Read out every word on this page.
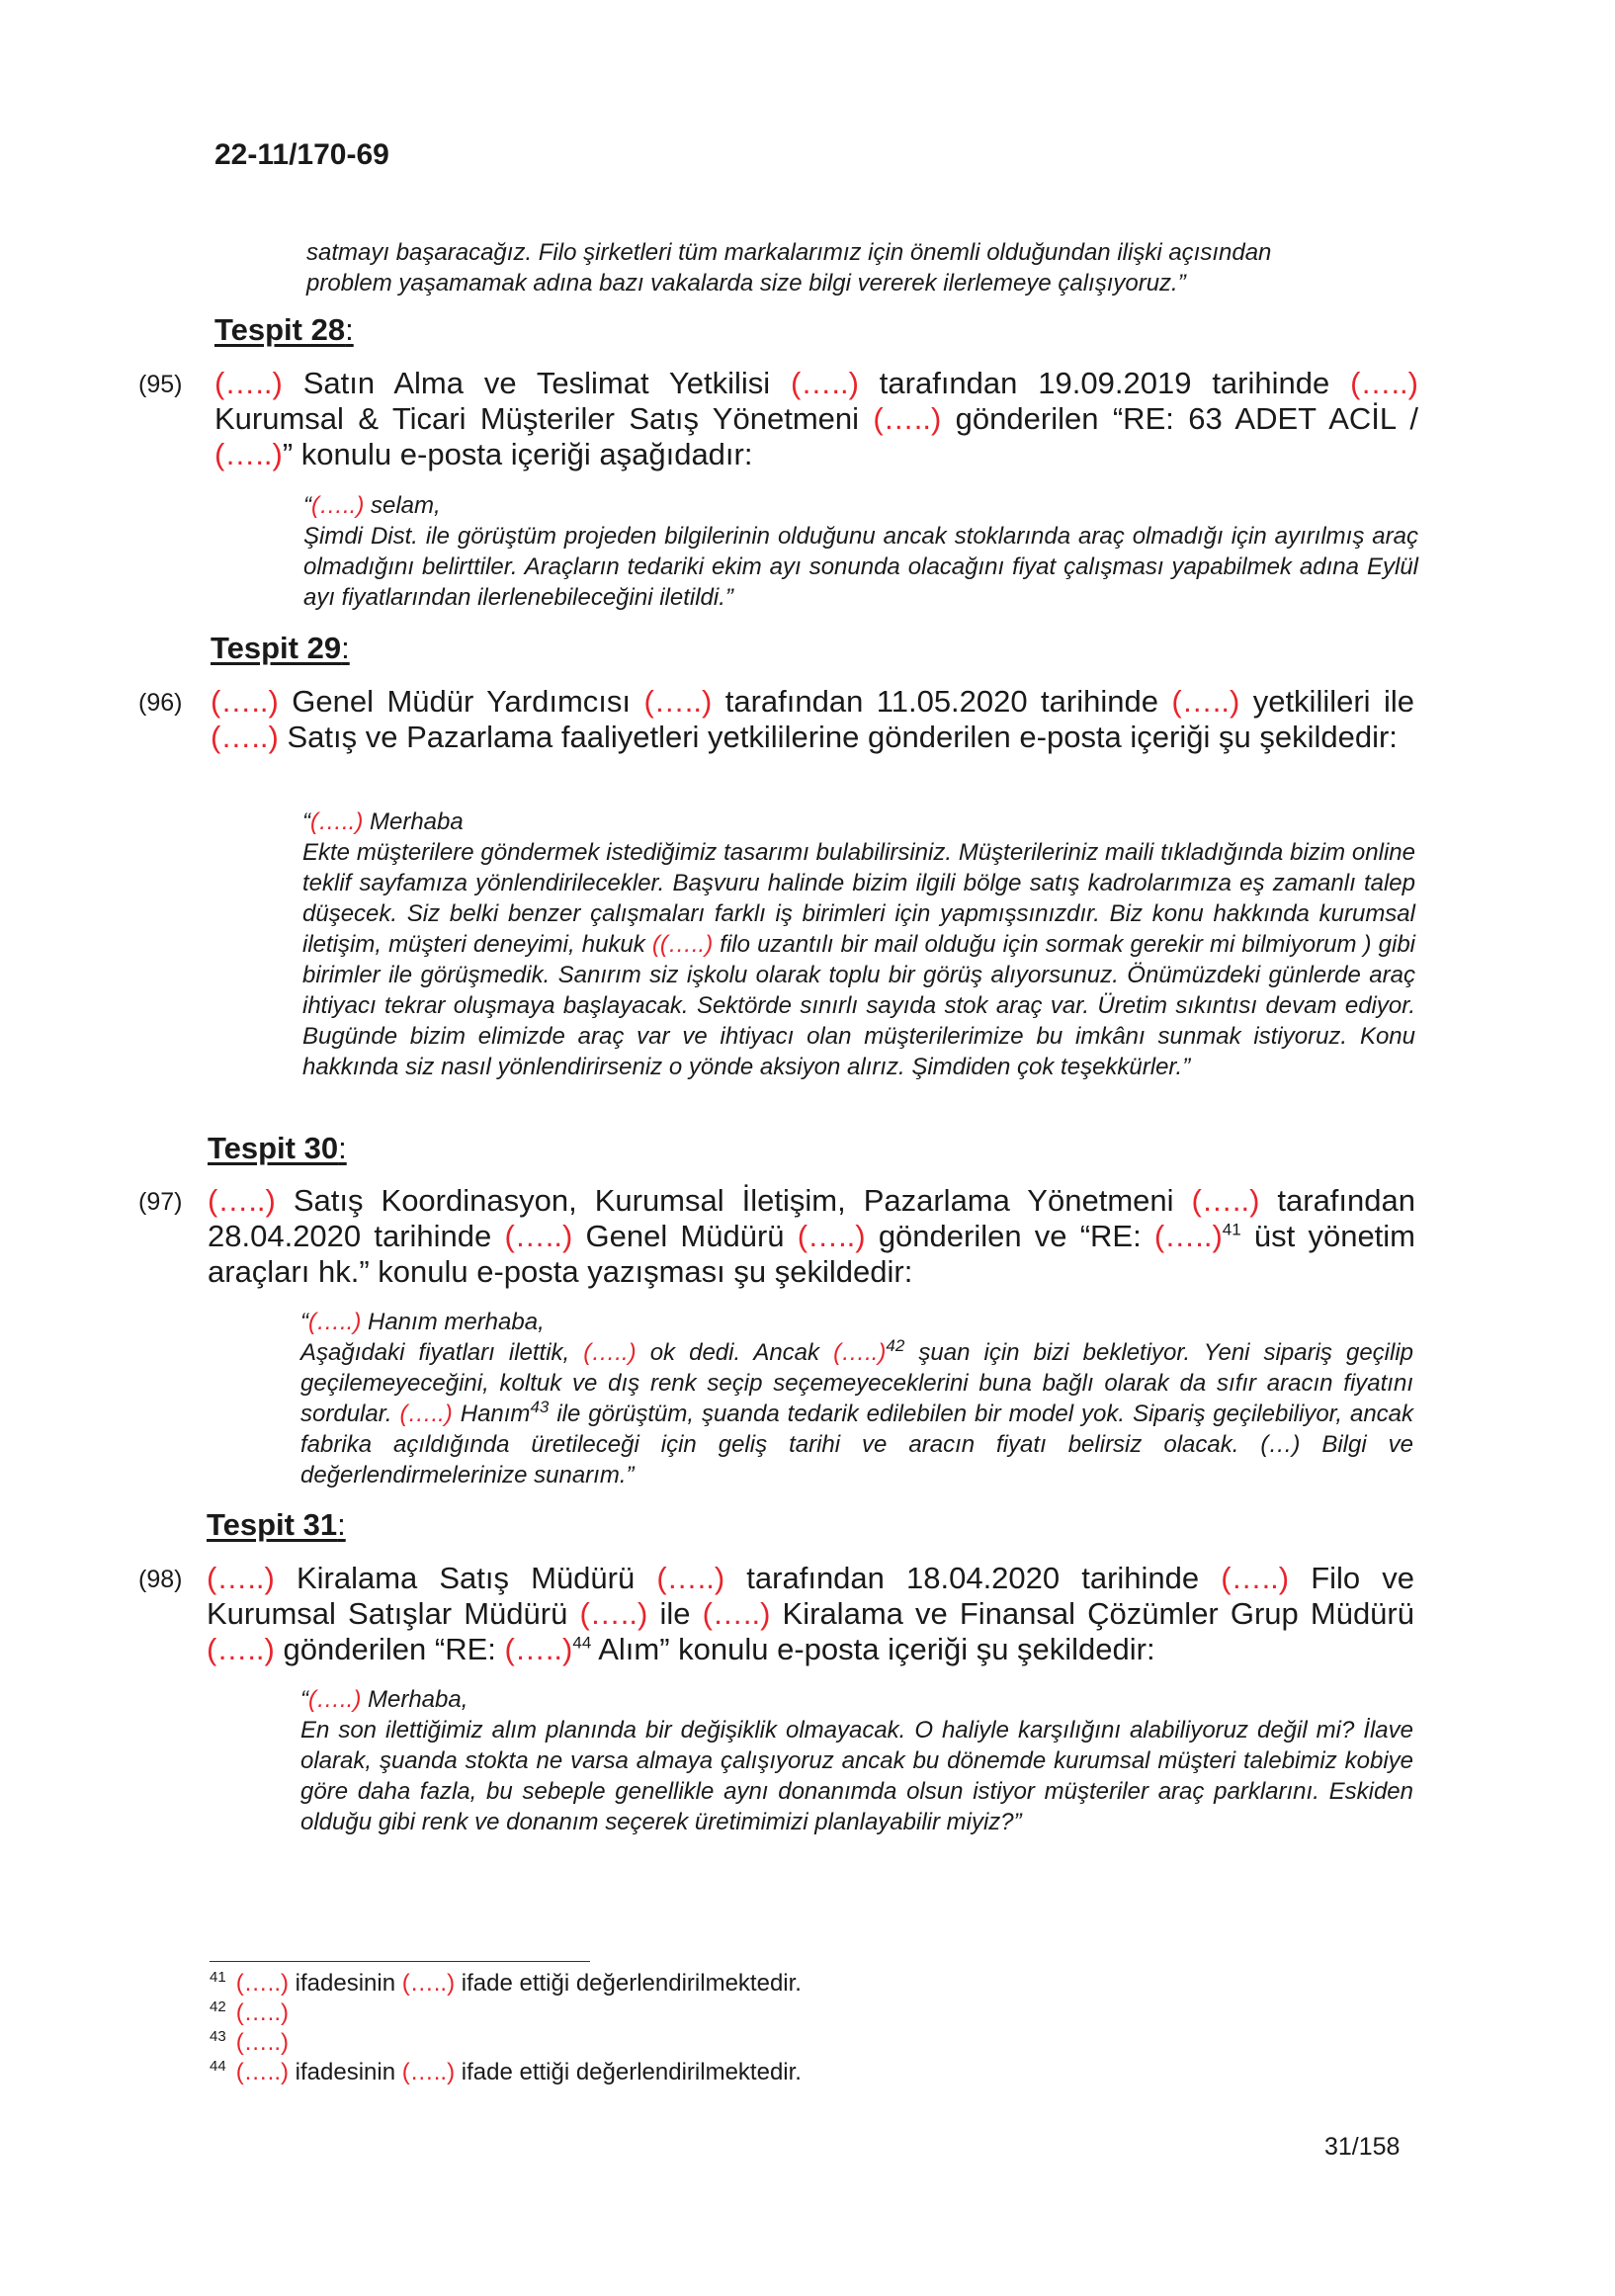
22-11/170-69

satmayı başaracağız. Filo şirketleri tüm markalarımız için önemli olduğundan ilişki açısından

problem yaşamamak adına bazı vakalarda size bilgi vererek ilerlemeye çalışıyoruz.”

Tespit 28:
(95) (…..) Satın Alma ve Teslimat Yetkilisi (…..) tarafından 19.09.2019 tarihinde (…..) Kurumsal & Ticari Müşteriler Satış Yönetmeni (…..) gönderilen “RE: 63 ADET ACİL / (…..)” konulu e-posta içeriği aşağıdadır:

“(…..) selam,

Şimdi Dist. ile görüştüm projeden bilgilerinin olduğunu ancak stoklarında araç olmadığı için ayırılmış araç olmadığını belirttiler. Araçların tedariki ekim ayı sonunda olacağını fiyat çalışması yapabilmek adına Eylül ayı fiyatlarından ilerlenebileceğini iletildi.”

Tespit 29:
(96) (…..) Genel Müdür Yardımcısı (…..) tarafından 11.05.2020 tarihinde (…..) yetkilileri ile (…..) Satış ve Pazarlama faaliyetleri yetkililerine gönderilen e-posta içeriği şu şekildedir:

“(…..) Merhaba

Ekte müşterilere göndermek istediğimiz tasarımı bulabilirsiniz. Müşterileriniz maili tıkladığında bizim online teklif sayfamıza yönlendirilecekler. Başvuru halinde bizim ilgili bölge satış kadrolarımıza eş zamanlı talep düşecek. Siz belki benzer çalışmaları farklı iş birimleri için yapmışsınızdır. Biz konu hakkında kurumsal iletişim, müşteri deneyimi, hukuk ((…..) filo uzantılı bir mail olduğu için sormak gerekir mi bilmiyorum ) gibi birimler ile görüşmedik. Sanırım siz işkolu olarak toplu bir görüş alıyorsunuz. Önümüzdeki günlerde araç ihtiyacı tekrar oluşmaya başlayacak. Sektörde sınırlı sayıda stok araç var. Üretim sıkıntısı devam ediyor. Bugünde bizim elimizde araç var ve ihtiyacı olan müşterilerimize bu imkânı sunmak istiyoruz. Konu hakkında siz nasıl yönlendirirseniz o yönde aksiyon alırız. Şimdiden çok teşekkürler.”

Tespit 30:
(97) (…..) Satış Koordinasyon, Kurumsal İletişim, Pazarlama Yönetmeni (…..) tarafından 28.04.2020 tarihinde (…..) Genel Müdürü (…..) gönderilen ve “RE: (…..)$^{41}$ üst yönetim araçları hk.” konulu e-posta yazışması şu şekildedir:

“(…..) Hanım merhaba,

Aşağıdaki fiyatları ilettik, (…..) ok dedi. Ancak (…..)$^{42}$ şuan için bizi bekletiyor. Yeni sipariş geçilip geçilemeyeceğini, koltuk ve dış renk seçip seçemeyeceklerini buna bağlı olarak da sıfır aracın fiyatını sordular. (…..) Hanım$^{43}$ ile görüştüm, şuanda tedarik edilebilen bir model yok. Sipariş geçilebiliyor, ancak fabrika açıldığında üretileceği için geliş tarihi ve aracın fiyatı belirsiz olacak. (…) Bilgi ve değerlendirmelerinize sunarım.”

Tespit 31:
(98) (…..) Kiralama Satış Müdürü (…..) tarafından 18.04.2020 tarihinde (…..) Filo ve Kurumsal Satışlar Müdürü (…..) ile (…..) Kiralama ve Finansal Çözümler Grup Müdürü (…..) gönderilen “RE: (…..)$^{44}$ Alım” konulu e-posta içeriği şu şekildedir:

“(…..) Merhaba,

En son ilettiğimiz alım planında bir değişiklik olmayacak. O haliyle karşılığını alabiliyoruz değil mi? İlave olarak, şuanda stokta ne varsa almaya çalışıyoruz ancak bu dönemde kurumsal müşteri talebimiz kobiye göre daha fazla, bu sebeple genellikle aynı donanımda olsun istiyor müşteriler araç parklarını. Eskiden olduğu gibi renk ve donanım seçerek üretimimizi planlayabilir miyiz?”

$^{41}$ (…..) ifadesinin (…..) ifade ettiği değerlendirilmektedir.
$^{42}$ (…..)
$^{43}$ (…..)
$^{44}$ (…..) ifadesinin (…..) ifade ettiği değerlendirilmektedir.
31/158
